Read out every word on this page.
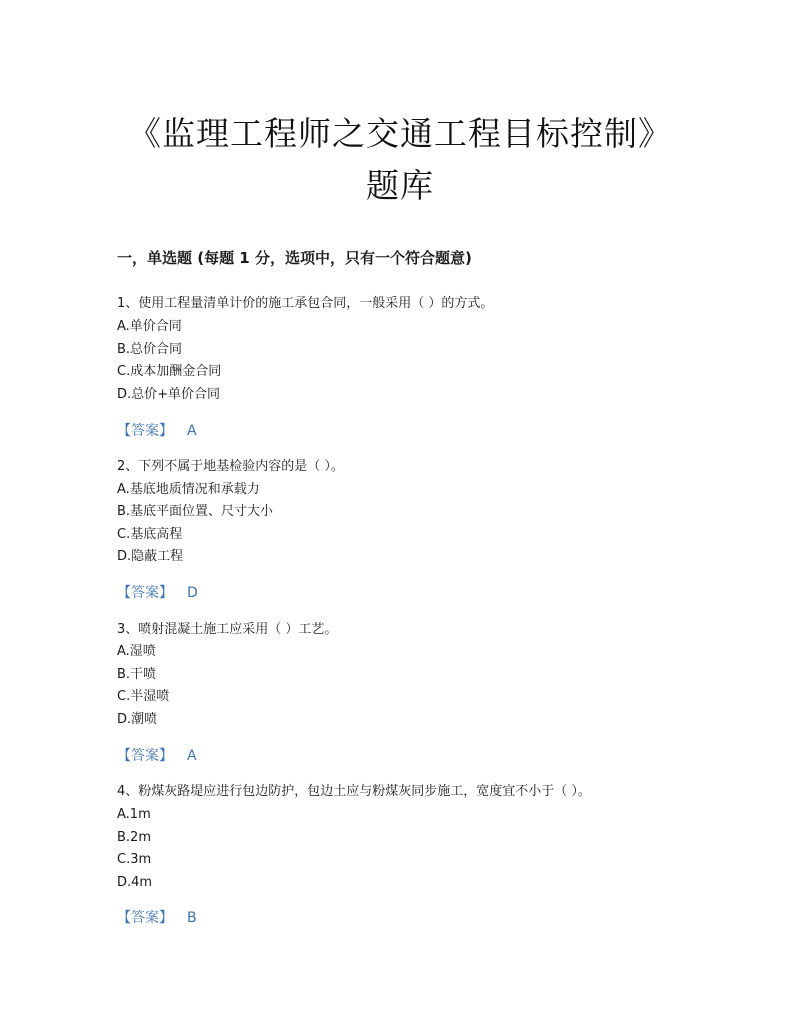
《监理工程师之交通工程目标控制》
题库
一，单选题 (每题 1 分，选项中，只有一个符合题意)
1、使用工程量清单计价的施工承包合同，一般采用（ ）的方式。
A.单价合同
B.总价合同
C.成本加酬金合同
D.总价+单价合同
【答案】 A
2、下列不属于地基检验内容的是（ ）。
A.基底地质情况和承载力
B.基底平面位置、尺寸大小
C.基底高程
D.隐蔽工程
【答案】 D
3、喷射混凝土施工应采用（ ）工艺。
A.湿喷
B.干喷
C.半湿喷
D.潮喷
【答案】 A
4、粉煤灰路堤应进行包边防护，包边土应与粉煤灰同步施工，宽度宜不小于（ ）。
A.1m
B.2m
C.3m
D.4m
【答案】 B
